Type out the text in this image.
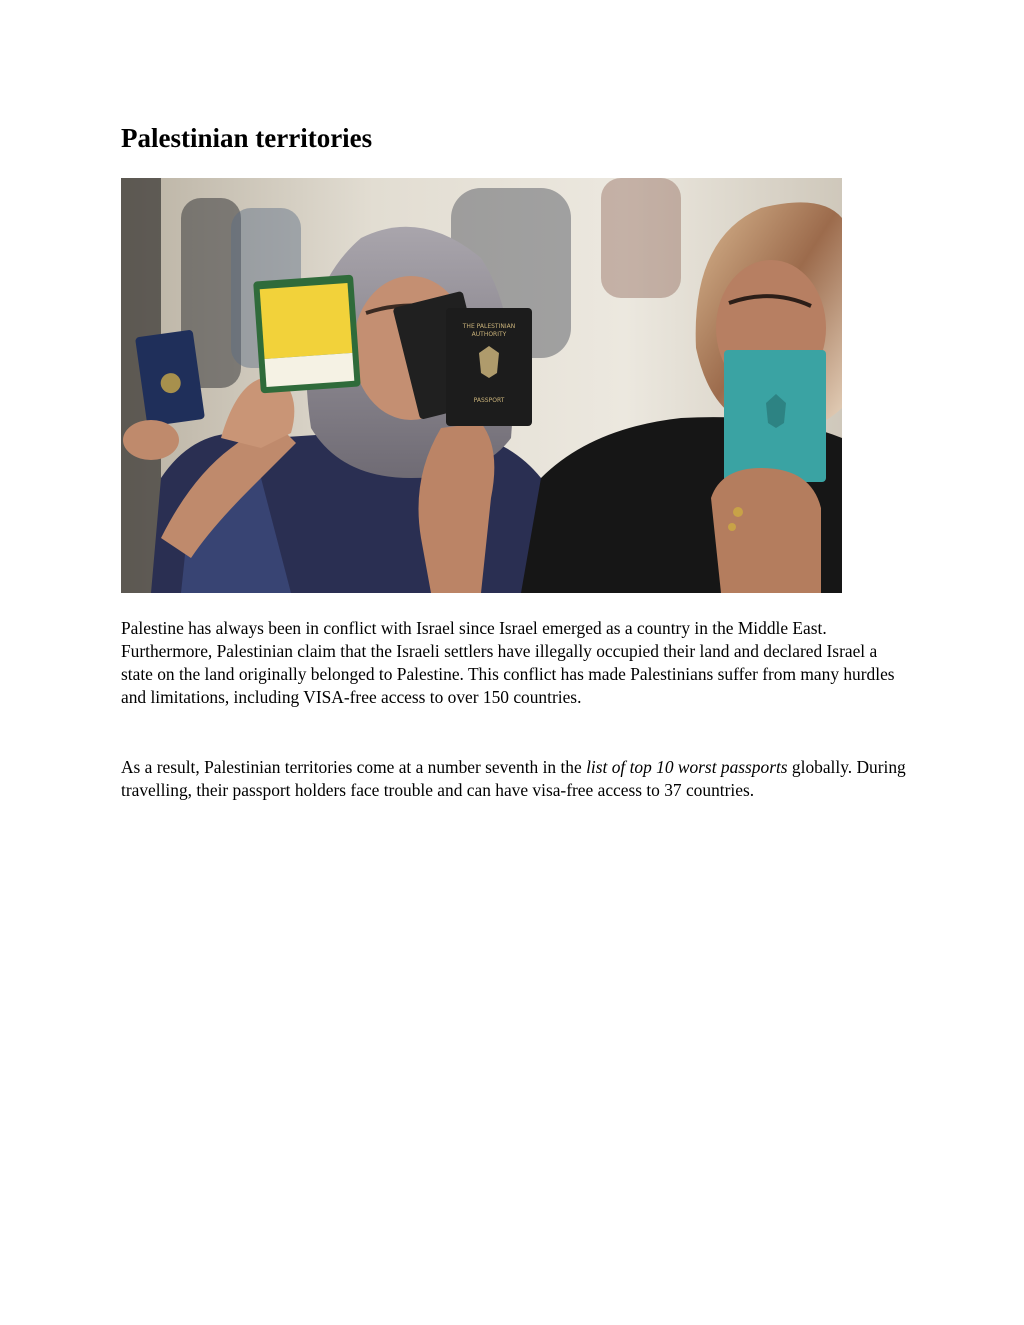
Palestinian territories
THE PALESTINIAN
AUTHORITY
PASSPORT

Palestine has always been in conflict with Israel since Israel emerged as a country in the Middle East. Furthermore, Palestinian claim that the Israeli settlers have illegally occupied their land and declared Israel a state on the land originally belonged to Palestine. This conflict has made Palestinians suffer from many hurdles and limitations, including VISA-free access to over 150 countries.

As a result, Palestinian territories come at a number seventh in the list of top 10 worst passports globally. During travelling, their passport holders face trouble and can have visa-free access to 37 countries.
